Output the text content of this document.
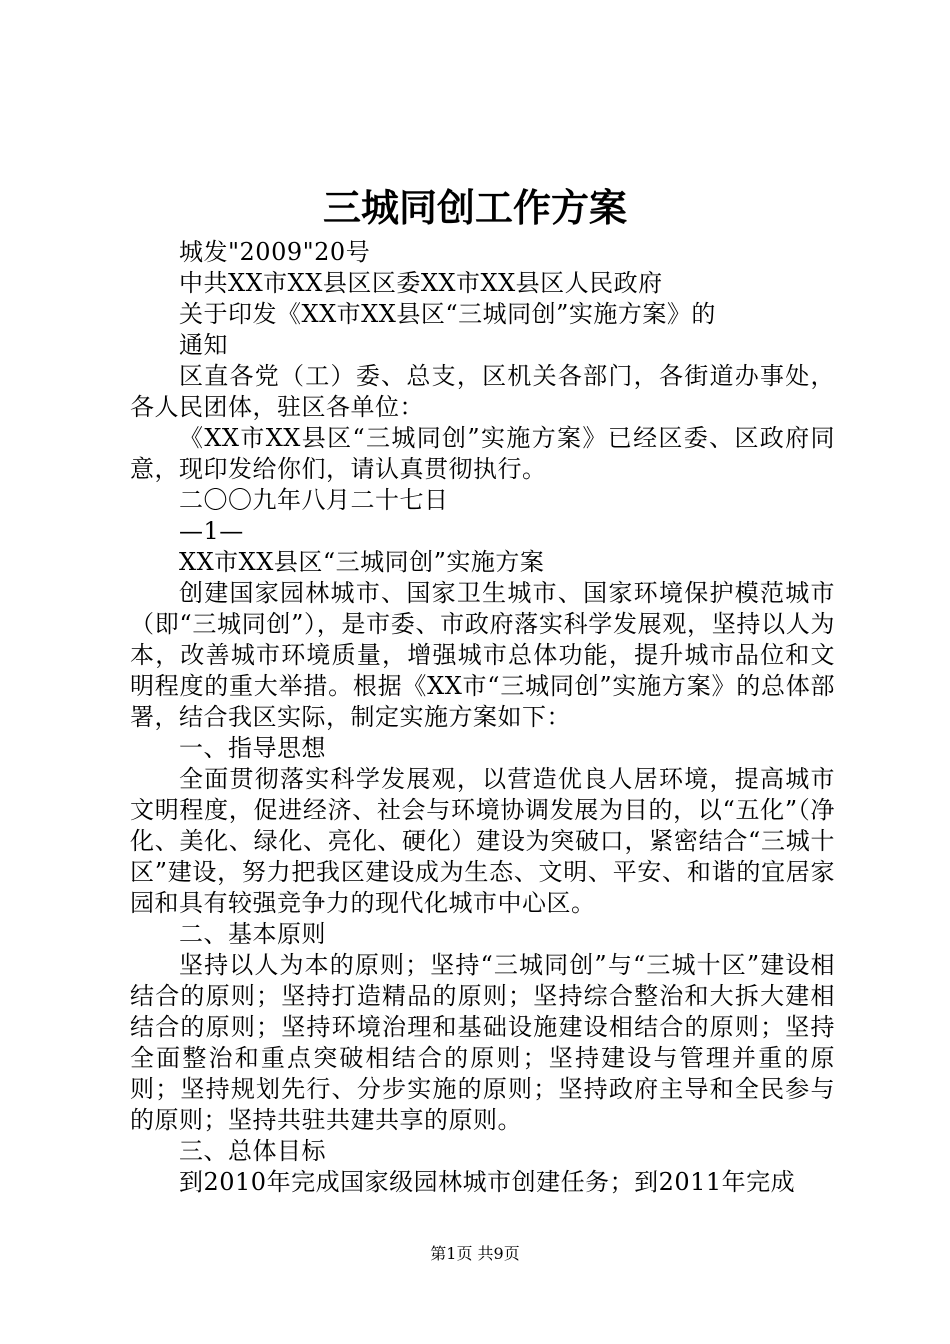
三城同创工作方案

城发"2009"20号

中共XX市XX县区区委XX市XX县区人民政府

关于印发《XX市XX县区“三城同创”实施方案》的

通知

区直各党（工）委、总支，区机关各部门，各街道办事处，各人民团体，驻区各单位：

《XX市XX县区“三城同创”实施方案》已经区委、区政府同意，现印发给你们，请认真贯彻执行。

二〇〇九年八月二十七日

—1—

XX市XX县区“三城同创”实施方案

创建国家园林城市、国家卫生城市、国家环境保护模范城市（即“三城同创”），是市委、市政府落实科学发展观，坚持以人为本，改善城市环境质量，增强城市总体功能，提升城市品位和文明程度的重大举措。根据《XX市“三城同创”实施方案》的总体部署，结合我区实际，制定实施方案如下：

一、指导思想

全面贯彻落实科学发展观，以营造优良人居环境，提高城市文明程度，促进经济、社会与环境协调发展为目的，以“五化”（净化、美化、绿化、亮化、硬化）建设为突破口，紧密结合“三城十区”建设，努力把我区建设成为生态、文明、平安、和谐的宜居家园和具有较强竞争力的现代化城市中心区。

二、基本原则

坚持以人为本的原则；坚持“三城同创”与“三城十区”建设相结合的原则；坚持打造精品的原则；坚持综合整治和大拆大建相结合的原则；坚持环境治理和基础设施建设相结合的原则；坚持全面整治和重点突破相结合的原则；坚持建设与管理并重的原则；坚持规划先行、分步实施的原则；坚持政府主导和全民参与的原则；坚持共驻共建共享的原则。

三、总体目标

到2010年完成国家级园林城市创建任务；到2011年完成

第1页 共9页
